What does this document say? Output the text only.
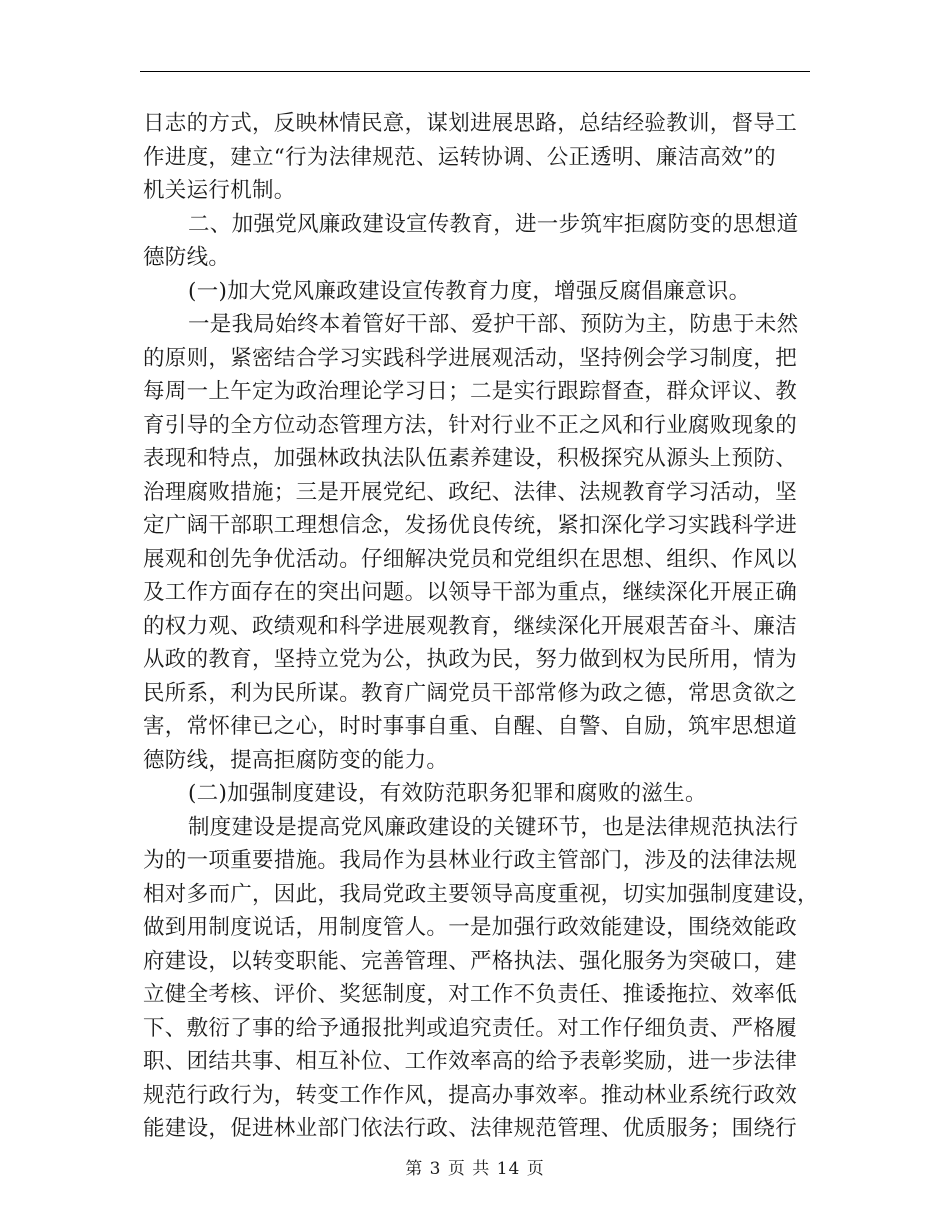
日志的方式，反映林情民意，谋划进展思路，总结经验教训，督导工
作进度，建立“行为法律规范、运转协调、公正透明、廉洁高效”的
机关运行机制。
二、加强党风廉政建设宣传教育，进一步筑牢拒腐防变的思想道
德防线。
(一)加大党风廉政建设宣传教育力度，增强反腐倡廉意识。
一是我局始终本着管好干部、爱护干部、预防为主，防患于未然
的原则，紧密结合学习实践科学进展观活动，坚持例会学习制度，把
每周一上午定为政治理论学习日；二是实行跟踪督查，群众评议、教
育引导的全方位动态管理方法，针对行业不正之风和行业腐败现象的
表现和特点，加强林政执法队伍素养建设，积极探究从源头上预防、
治理腐败措施；三是开展党纪、政纪、法律、法规教育学习活动，坚
定广阔干部职工理想信念，发扬优良传统，紧扣深化学习实践科学进
展观和创先争优活动。仔细解决党员和党组织在思想、组织、作风以
及工作方面存在的突出问题。以领导干部为重点，继续深化开展正确
的权力观、政绩观和科学进展观教育，继续深化开展艰苦奋斗、廉洁
从政的教育，坚持立党为公，执政为民，努力做到权为民所用，情为
民所系，利为民所谋。教育广阔党员干部常修为政之德，常思贪欲之
害，常怀律已之心，时时事事自重、自醒、自警、自励，筑牢思想道
德防线，提高拒腐防变的能力。
(二)加强制度建设，有效防范职务犯罪和腐败的滋生。
制度建设是提高党风廉政建设的关键环节，也是法律规范执法行
为的一项重要措施。我局作为县林业行政主管部门，涉及的法律法规
相对多而广，因此，我局党政主要领导高度重视，切实加强制度建设，
做到用制度说话，用制度管人。一是加强行政效能建设，围绕效能政
府建设，以转变职能、完善管理、严格执法、强化服务为突破口，建
立健全考核、评价、奖惩制度，对工作不负责任、推诿拖拉、效率低
下、敷衍了事的给予通报批判或追究责任。对工作仔细负责、严格履
职、团结共事、相互补位、工作效率高的给予表彰奖励，进一步法律
规范行政行为，转变工作作风，提高办事效率。推动林业系统行政效
能建设，促进林业部门依法行政、法律规范管理、优质服务；围绕行
第 3 页 共 14 页
